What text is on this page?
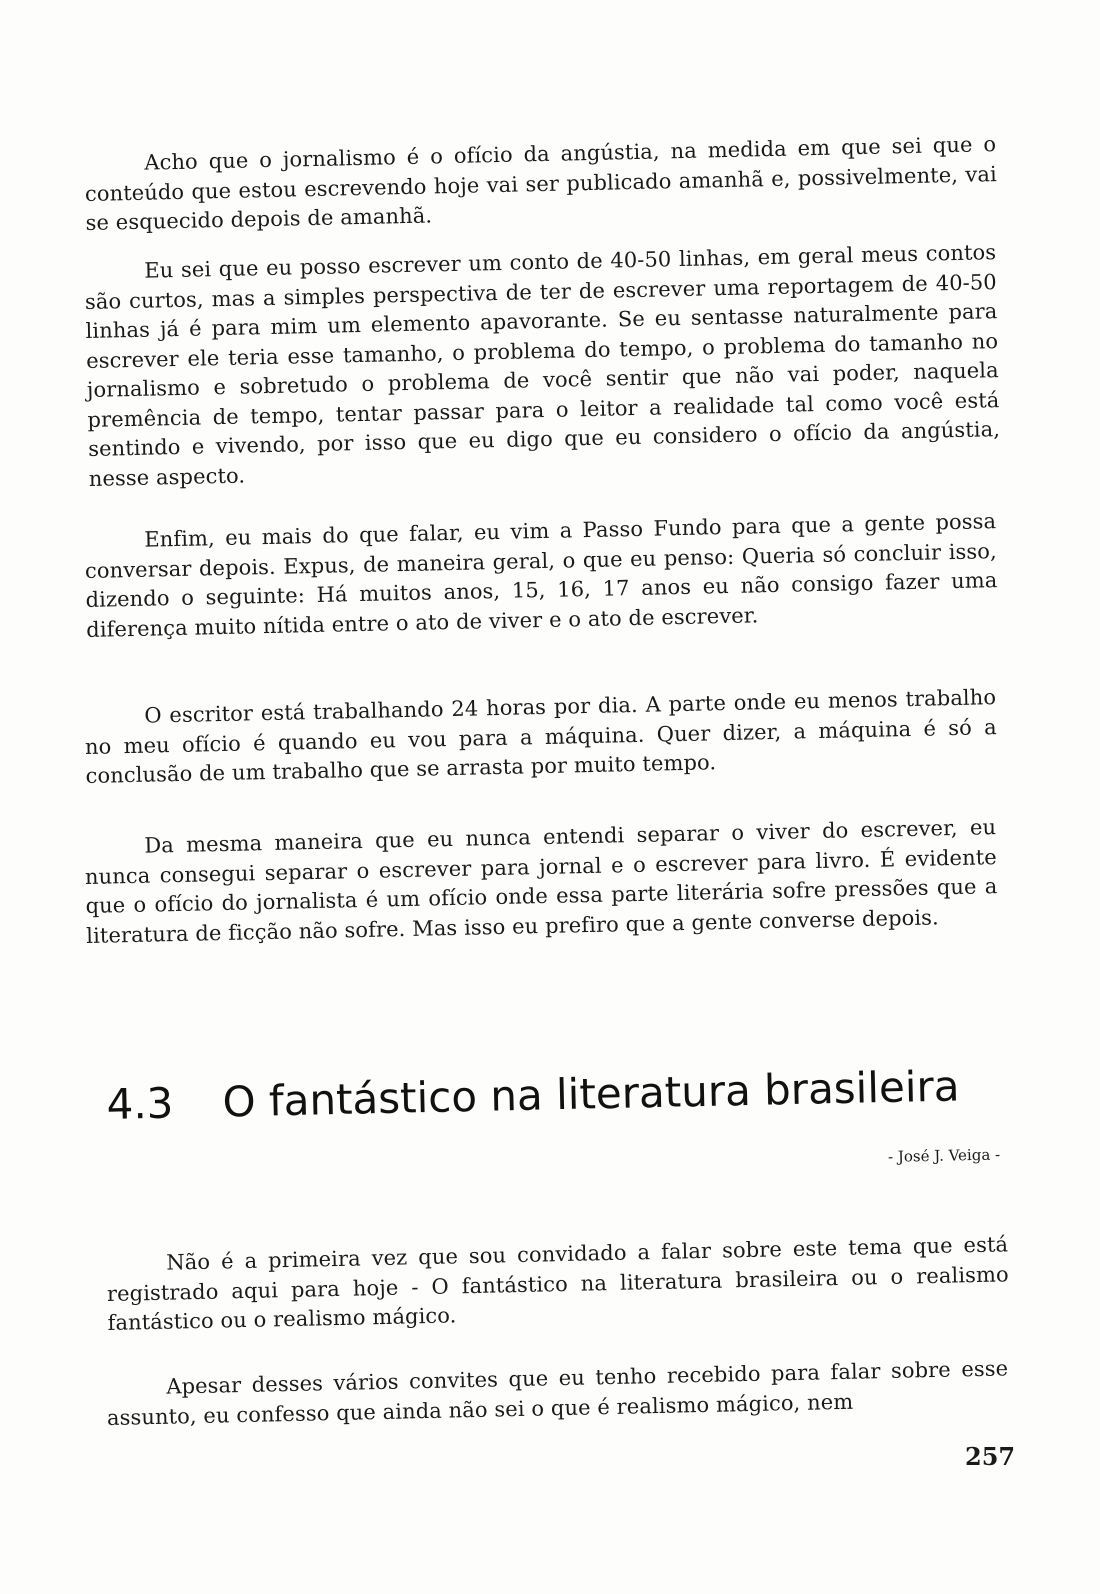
Acho que o jornalismo é o ofício da angústia, na medida em que sei que o conteúdo que estou escrevendo hoje vai ser publicado amanhã e, possivelmente, vai se esquecido depois de amanhã.

Eu sei que eu posso escrever um conto de 40-50 linhas, em geral meus contos são curtos, mas a simples perspectiva de ter de escrever uma reportagem de 40-50 linhas já é para mim um elemento apavorante. Se eu sentasse naturalmente para escrever ele teria esse tamanho, o problema do tempo, o problema do tamanho no jornalismo e sobretudo o problema de você sentir que não vai poder, naquela premência de tempo, tentar passar para o leitor a realidade tal como você está sentindo e vivendo, por isso que eu digo que eu considero o ofício da angústia, nesse aspecto.

Enfim, eu mais do que falar, eu vim a Passo Fundo para que a gente possa conversar depois. Expus, de maneira geral, o que eu penso: Queria só concluir isso, dizendo o seguinte: Há muitos anos, 15, 16, 17 anos eu não consigo fazer uma diferença muito nítida entre o ato de viver e o ato de escrever.

O escritor está trabalhando 24 horas por dia. A parte onde eu menos trabalho no meu ofício é quando eu vou para a máquina. Quer dizer, a máquina é só a conclusão de um trabalho que se arrasta por muito tempo.

Da mesma maneira que eu nunca entendi separar o viver do escrever, eu nunca consegui separar o escrever para jornal e o escrever para livro. É evidente que o ofício do jornalista é um ofício onde essa parte literária sofre pressões que a literatura de ficção não sofre. Mas isso eu prefiro que a gente converse depois.

4.3 O fantástico na literatura brasileira

- José J. Veiga -

Não é a primeira vez que sou convidado a falar sobre este tema que está registrado aqui para hoje - O fantástico na literatura brasileira ou o realismo fantástico ou o realismo mágico.

Apesar desses vários convites que eu tenho recebido para falar sobre esse assunto, eu confesso que ainda não sei o que é realismo mágico, nem

257
